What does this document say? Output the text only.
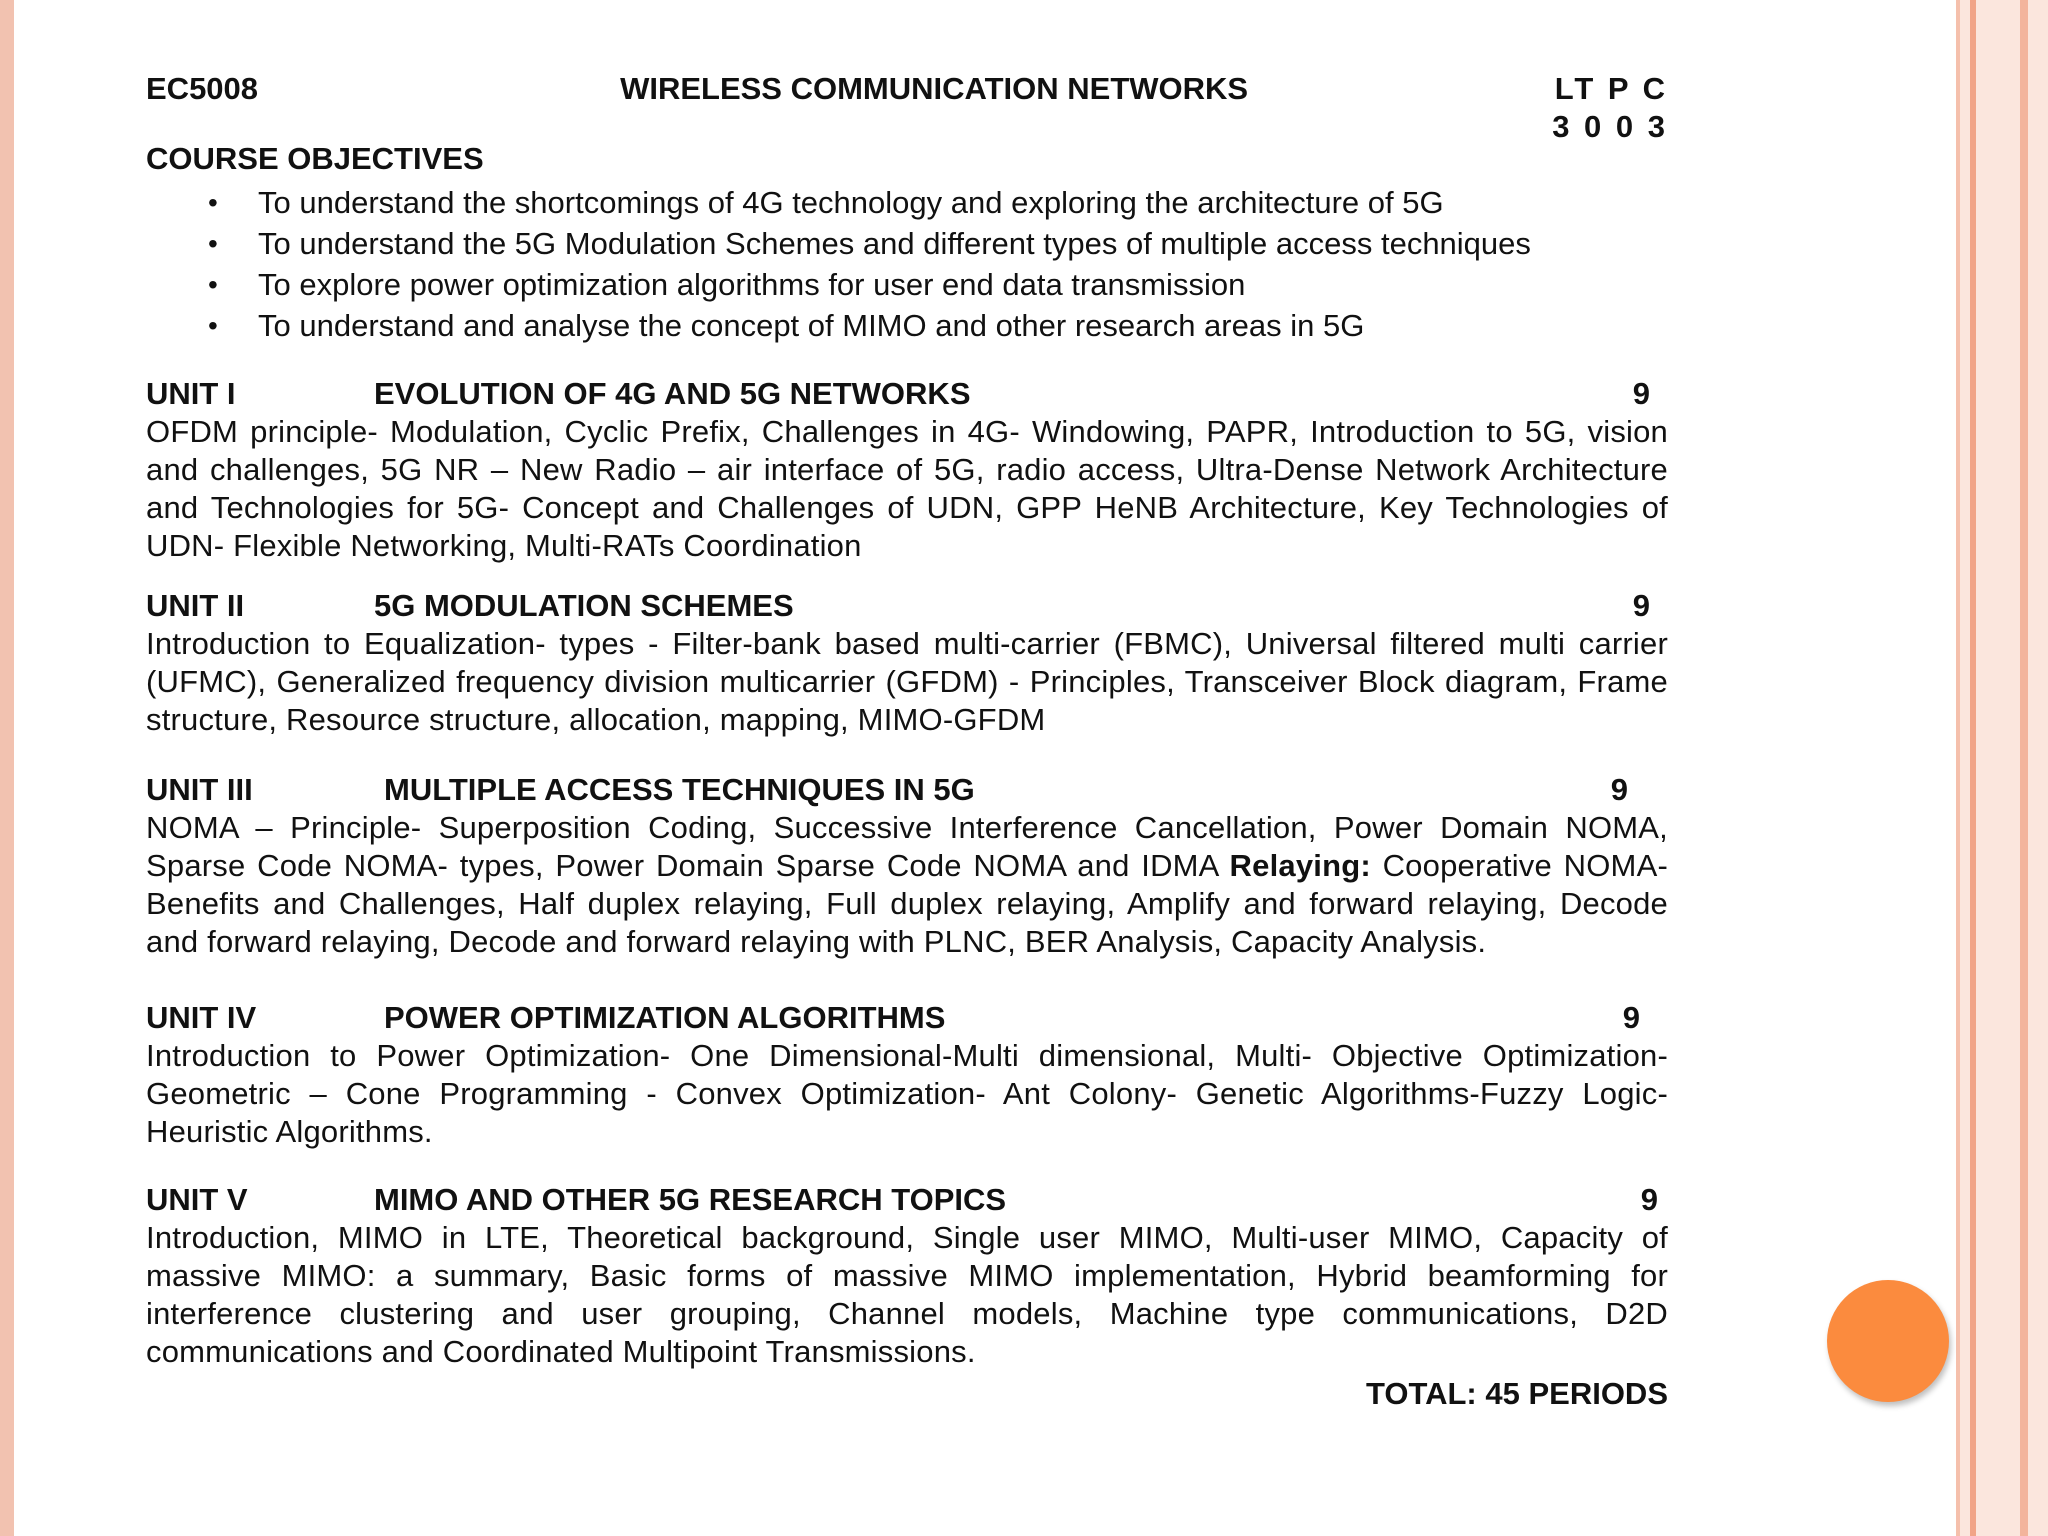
EC5008	WIRELESS COMMUNICATION NETWORKS	LT P C
3 0 0 3
COURSE OBJECTIVES
• To understand the shortcomings of 4G technology and exploring the architecture of 5G
• To understand the 5G Modulation Schemes and different types of multiple access techniques
• To explore power optimization algorithms for user end data transmission
• To understand and analyse the concept of MIMO and other research areas in 5G
UNIT I	EVOLUTION OF 4G AND 5G NETWORKS	9
OFDM principle- Modulation, Cyclic Prefix, Challenges in 4G- Windowing, PAPR, Introduction to 5G, vision and challenges, 5G NR – New Radio – air interface of 5G, radio access, Ultra-Dense Network Architecture and Technologies for 5G- Concept and Challenges of UDN, GPP HeNB Architecture, Key Technologies of UDN- Flexible Networking, Multi-RATs Coordination
UNIT II	5G MODULATION SCHEMES	9
Introduction to Equalization- types - Filter-bank based multi-carrier (FBMC), Universal filtered multi carrier (UFMC), Generalized frequency division multicarrier (GFDM) - Principles, Transceiver Block diagram, Frame structure, Resource structure, allocation, mapping, MIMO-GFDM
UNIT III	MULTIPLE ACCESS TECHNIQUES IN 5G	9
NOMA – Principle- Superposition Coding, Successive Interference Cancellation, Power Domain NOMA, Sparse Code NOMA- types, Power Domain Sparse Code NOMA and IDMA Relaying: Cooperative NOMA- Benefits and Challenges, Half duplex relaying, Full duplex relaying, Amplify and forward relaying, Decode and forward relaying, Decode and forward relaying with PLNC, BER Analysis, Capacity Analysis.
UNIT IV	POWER OPTIMIZATION ALGORITHMS	9
Introduction to Power Optimization- One Dimensional-Multi dimensional, Multi- Objective Optimization- Geometric – Cone Programming - Convex Optimization- Ant Colony- Genetic Algorithms-Fuzzy Logic- Heuristic Algorithms.
UNIT V	MIMO AND OTHER 5G RESEARCH TOPICS	9
Introduction, MIMO in LTE, Theoretical background, Single user MIMO, Multi-user MIMO, Capacity of massive MIMO: a summary, Basic forms of massive MIMO implementation, Hybrid beamforming for interference clustering and user grouping, Channel models, Machine type communications, D2D communications and Coordinated Multipoint Transmissions.
TOTAL: 45 PERIODS
